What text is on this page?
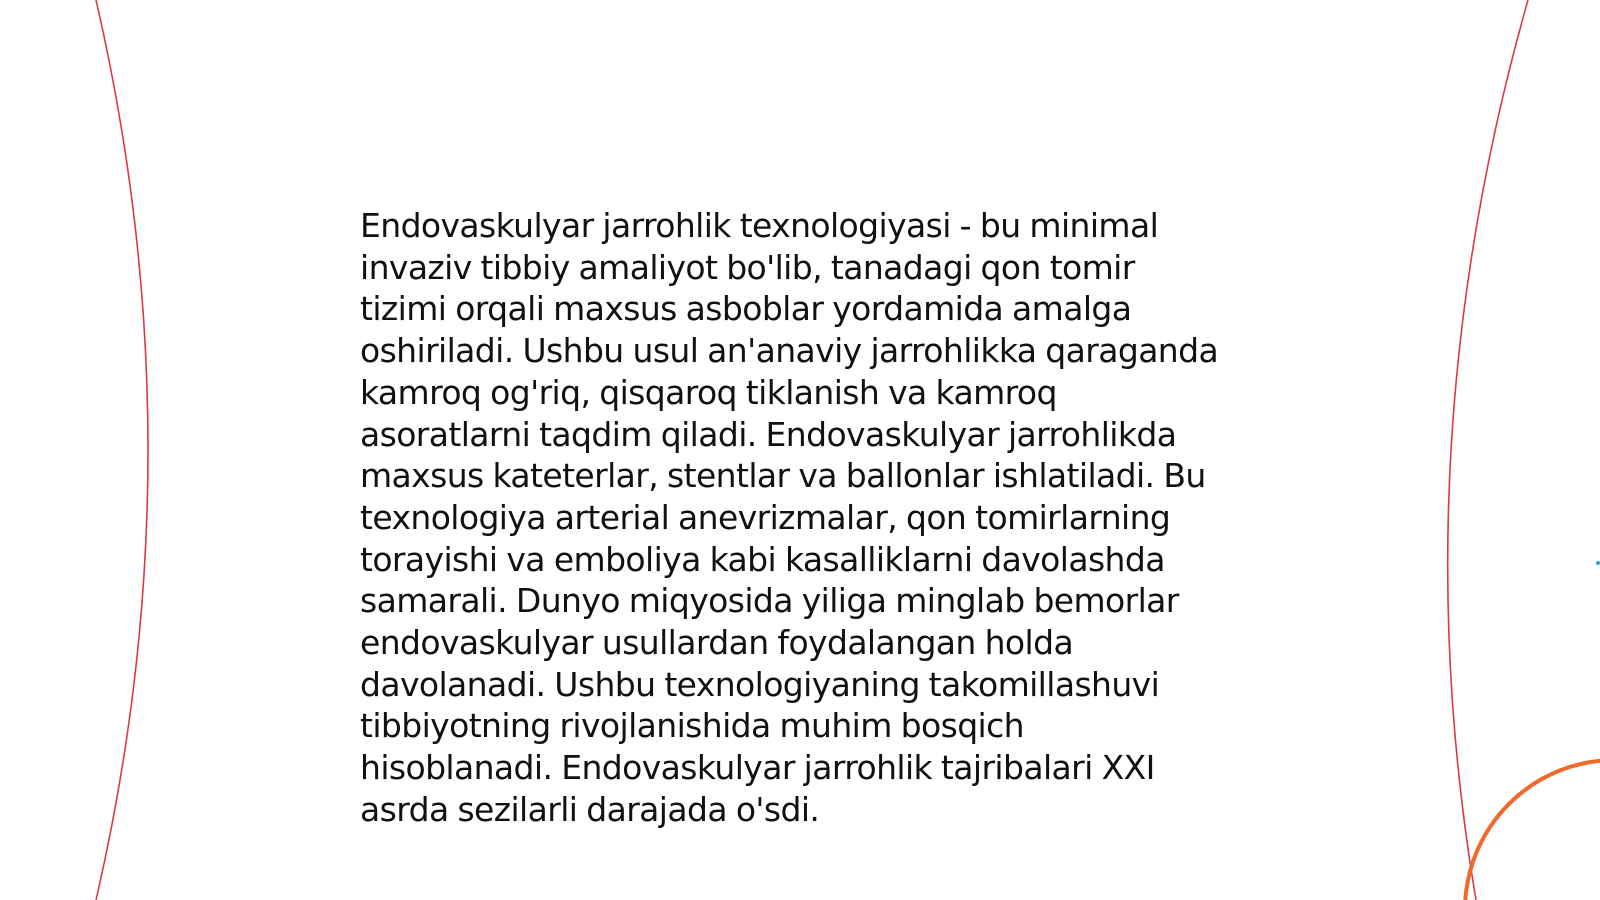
Endovaskulyar jarrohlik texnologiyasi - bu minimal
invaziv tibbiy amaliyot bo'lib, tanadagi qon tomir
tizimi orqali maxsus asboblar yordamida amalga
oshiriladi. Ushbu usul an'anaviy jarrohlikka qaraganda
kamroq og'riq, qisqaroq tiklanish va kamroq
asoratlarni taqdim qiladi. Endovaskulyar jarrohlikda
maxsus kateterlar, stentlar va ballonlar ishlatiladi. Bu
texnologiya arterial anevrizmalar, qon tomirlarning
torayishi va emboliya kabi kasalliklarni davolashda
samarali. Dunyo miqyosida yiliga minglab bemorlar
endovaskulyar usullardan foydalangan holda
davolanadi. Ushbu texnologiyaning takomillashuvi
tibbiyotning rivojlanishida muhim bosqich
hisoblanadi. Endovaskulyar jarrohlik tajribalari XXI
asrda sezilarli darajada o'sdi.
